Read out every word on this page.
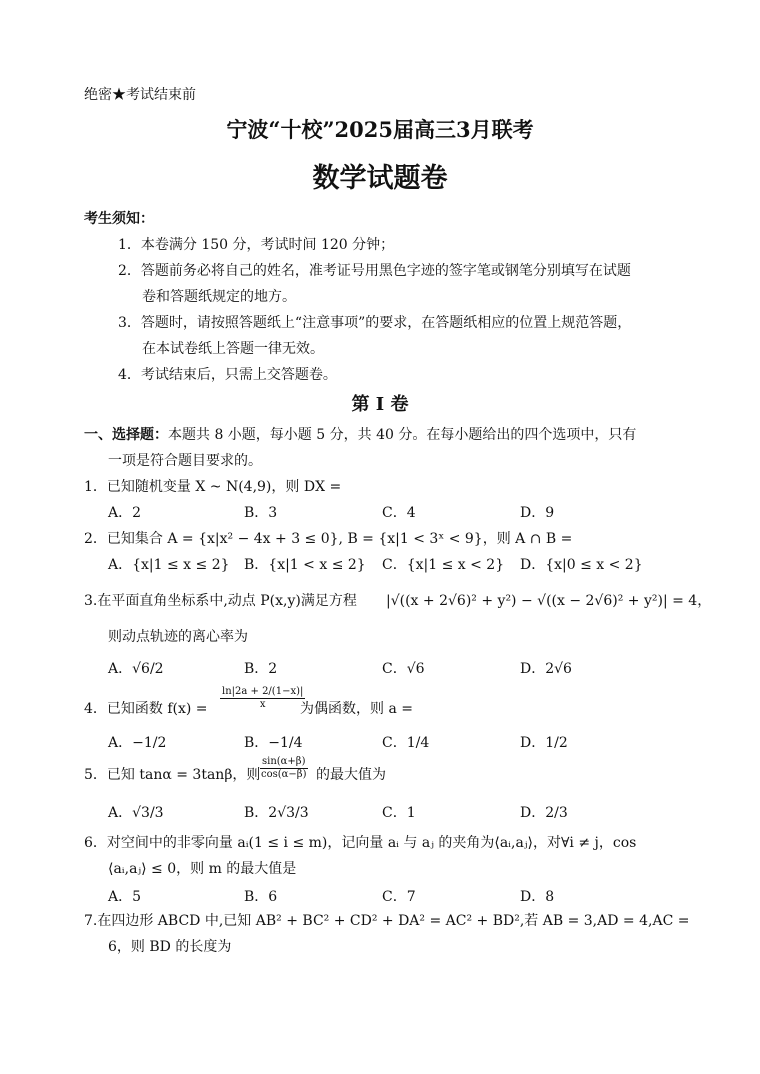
绝密★考试结束前
宁波“十校”2025届高三3月联考
数学试题卷
考生须知：
1．本卷满分 150 分，考试时间 120 分钟；
2．答题前务必将自己的姓名，准考证号用黑色字迹的签字笔或钢笔分别填写在试题
卷和答题纸规定的地方。
3．答题时，请按照答题纸上“注意事项”的要求，在答题纸相应的位置上规范答题，
在本试卷纸上答题一律无效。
4．考试结束后，只需上交答题卷。
第 I 卷
一、选择题：本题共 8 小题，每小题 5 分，共 40 分。在每小题给出的四个选项中，只有
一项是符合题目要求的。
1．已知随机变量 X ~ N(4,9)，则 DX =
A．2	B．3	C．4	D．9
2．已知集合 A = {x|x² − 4x + 3 ≤ 0}, B = {x|1 < 3ˣ < 9}，则 A ∩ B =
A．{x|1 ≤ x ≤ 2} B．{x|1 < x ≤ 2} C．{x|1 ≤ x < 2} D．{x|0 ≤ x < 2}
3.在平面直角坐标系中,动点 P(x,y)满足方程 |√((x + 2√6)² + y²) − √((x − 2√6)² + y²)| = 4，
则动点轨迹的离心率为
A．√6/2	B．2	C．√6	D．2√6
4．已知函数 $f(x) = \frac{\ln|2a + 2/(1-x)|}{x}$
为偶函数，则 a =
A．−1/2	B．−1/4	C．1/4	D．1/2
5．已知 tanα = 3tanβ，则 $\frac{\sin(\alpha+\beta)}{\cos(\alpha-\beta)}$ 的最大值为
A．√3/3	B．2√3/3	C．1	D．2/3
6．对空间中的非零向量 aᵢ(1 ≤ i ≤ m)，记向量 aᵢ 与 aⱼ 的夹角为⟨aᵢ,aⱼ⟩，对∀i ≠ j，cos
⟨aᵢ,aⱼ⟩ ≤ 0，则 m 的最大值是
A．5	B．6	C．7	D．8
7.在四边形 ABCD 中,已知 AB² + BC² + CD² + DA² = AC² + BD²,若 AB = 3,AD = 4,AC =
6，则 BD 的长度为
